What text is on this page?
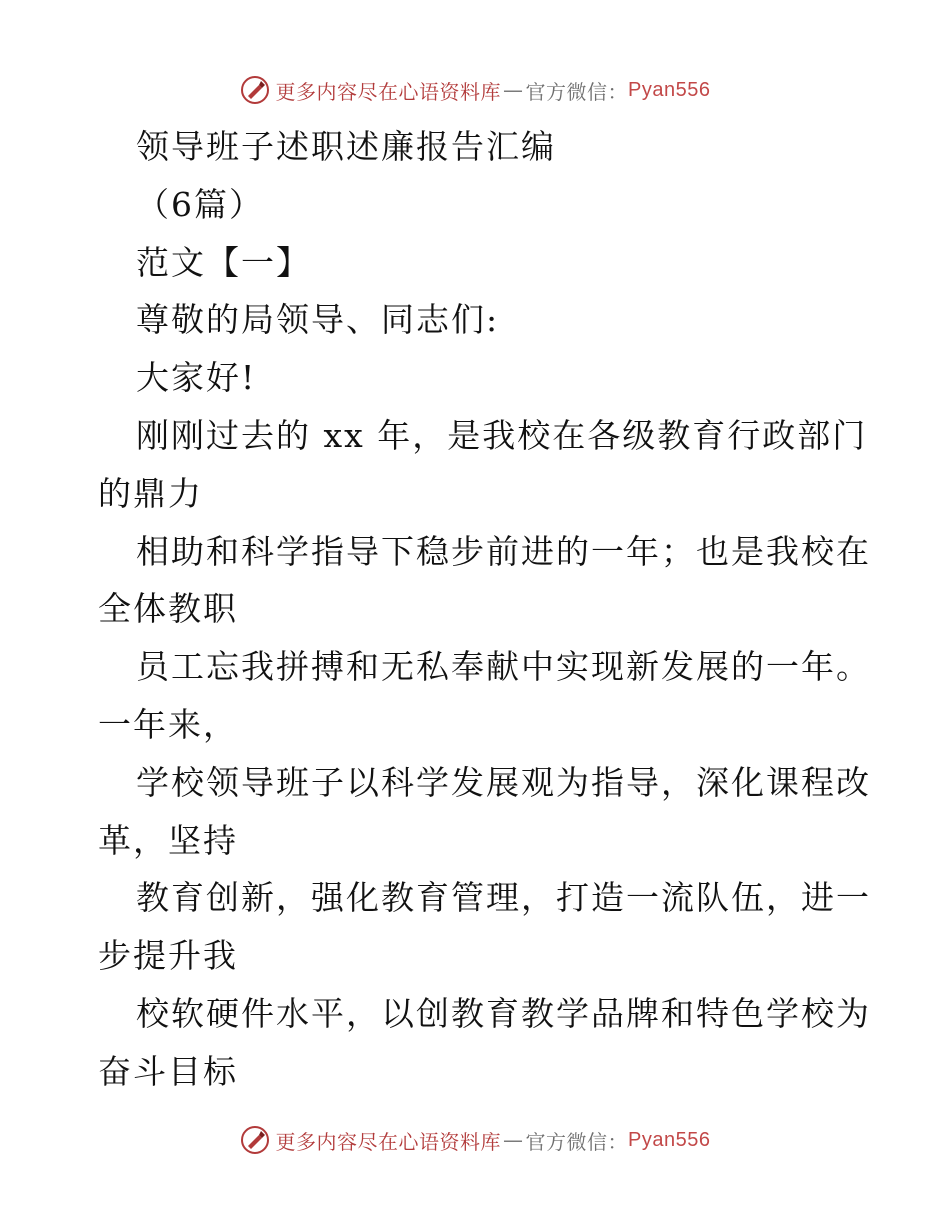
更多内容尽在心语资料库 — 官方微信： Pyan556
领导班子述职述廉报告汇编
（6篇）
范文【一】
尊敬的局领导、同志们:
大家好!
刚刚过去的 xx 年，是我校在各级教育行政部门
的鼎力
相助和科学指导下稳步前进的一年；也是我校在
全体教职
员工忘我拼搏和无私奉献中实现新发展的一年。
一年来，
学校领导班子以科学发展观为指导，深化课程改
革，坚持
教育创新，强化教育管理，打造一流队伍，进一
步提升我
校软硬件水平，以创教育教学品牌和特色学校为
奋斗目标
更多内容尽在心语资料库 — 官方微信： Pyan556
